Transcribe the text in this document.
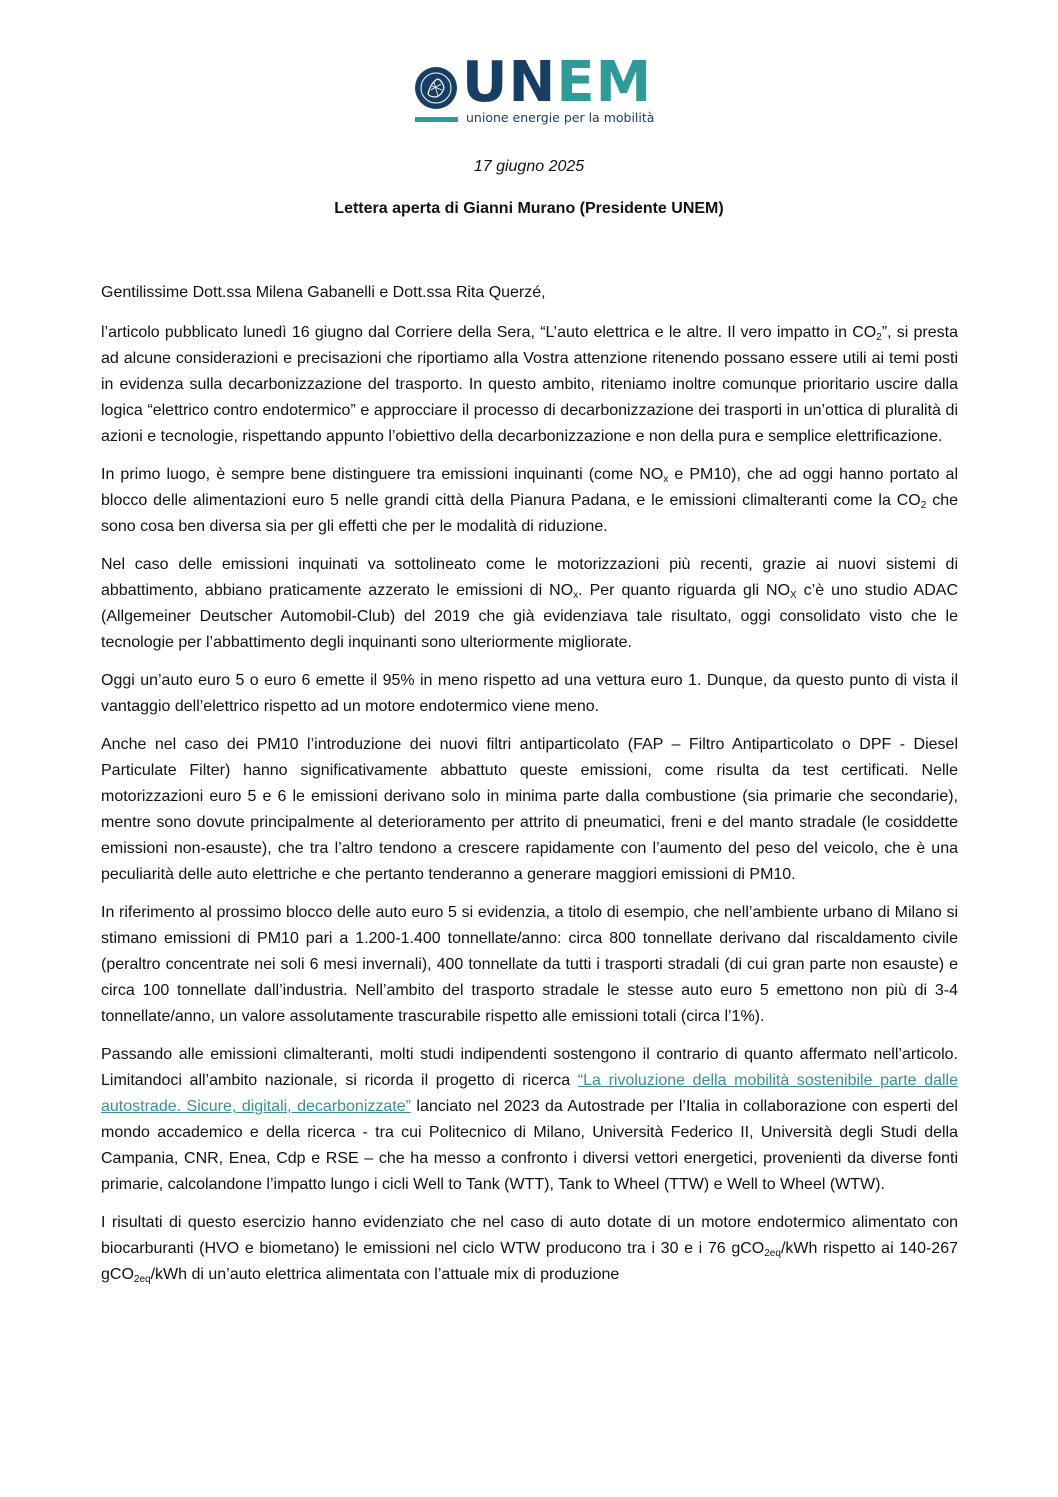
UNEM
unione energie per la mobilità
17 giugno 2025
Lettera aperta di Gianni Murano (Presidente UNEM)

Gentilissime Dott.ssa Milena Gabanelli e Dott.ssa Rita Querzé,

l’articolo pubblicato lunedì 16 giugno dal Corriere della Sera, “L’auto elettrica e le altre. Il vero impatto in $CO_2$”, si presta ad alcune considerazioni e precisazioni che riportiamo alla Vostra attenzione ritenendo possano essere utili ai temi posti in evidenza sulla decarbonizzazione del trasporto. In questo ambito, riteniamo inoltre comunque prioritario uscire dalla logica “elettrico contro endotermico” e approcciare il processo di decarbonizzazione dei trasporti in un’ottica di pluralità di azioni e tecnologie, rispettando appunto l’obiettivo della decarbonizzazione e non della pura e semplice elettrificazione.

In primo luogo, è sempre bene distinguere tra emissioni inquinanti (come $NO_x$ e PM10), che ad oggi hanno portato al blocco delle alimentazioni euro 5 nelle grandi città della Pianura Padana, e le emissioni climalteranti come la $CO_2$ che sono cosa ben diversa sia per gli effetti che per le modalità di riduzione.

Nel caso delle emissioni inquinati va sottolineato come le motorizzazioni più recenti, grazie ai nuovi sistemi di abbattimento, abbiano praticamente azzerato le emissioni di $NO_x$. Per quanto riguarda gli $NO_X$ c’è uno studio ADAC (Allgemeiner Deutscher Automobil-Club) del 2019 che già evidenziava tale risultato, oggi consolidato visto che le tecnologie per l’abbattimento degli inquinanti sono ulteriormente migliorate.

Oggi un’auto euro 5 o euro 6 emette il 95% in meno rispetto ad una vettura euro 1. Dunque, da questo punto di vista il vantaggio dell’elettrico rispetto ad un motore endotermico viene meno.

Anche nel caso dei PM10 l’introduzione dei nuovi filtri antiparticolato (FAP – Filtro Antiparticolato o DPF - Diesel Particulate Filter) hanno significativamente abbattuto queste emissioni, come risulta da test certificati. Nelle motorizzazioni euro 5 e 6 le emissioni derivano solo in minima parte dalla combustione (sia primarie che secondarie), mentre sono dovute principalmente al deterioramento per attrito di pneumatici, freni e del manto stradale (le cosiddette emissioni non-esauste), che tra l’altro tendono a crescere rapidamente con l’aumento del peso del veicolo, che è una peculiarità delle auto elettriche e che pertanto tenderanno a generare maggiori emissioni di PM10.

In riferimento al prossimo blocco delle auto euro 5 si evidenzia, a titolo di esempio, che nell’ambiente urbano di Milano si stimano emissioni di PM10 pari a 1.200-1.400 tonnellate/anno: circa 800 tonnellate derivano dal riscaldamento civile (peraltro concentrate nei soli 6 mesi invernali), 400 tonnellate da tutti i trasporti stradali (di cui gran parte non esauste) e circa 100 tonnellate dall’industria. Nell’ambito del trasporto stradale le stesse auto euro 5 emettono non più di 3-4 tonnellate/anno, un valore assolutamente trascurabile rispetto alle emissioni totali (circa l’1%).

Passando alle emissioni climalteranti, molti studi indipendenti sostengono il contrario di quanto affermato nell’articolo. Limitandoci all’ambito nazionale, si ricorda il progetto di ricerca “La rivoluzione della mobilità sostenibile parte dalle autostrade. Sicure, digitali, decarbonizzate” lanciato nel 2023 da Autostrade per l’Italia in collaborazione con esperti del mondo accademico e della ricerca - tra cui Politecnico di Milano, Università Federico II, Università degli Studi della Campania, CNR, Enea, Cdp e RSE – che ha messo a confronto i diversi vettori energetici, provenienti da diverse fonti primarie, calcolandone l’impatto lungo i cicli Well to Tank (WTT), Tank to Wheel (TTW) e Well to Wheel (WTW).

I risultati di questo esercizio hanno evidenziato che nel caso di auto dotate di un motore endotermico alimentato con biocarburanti (HVO e biometano) le emissioni nel ciclo WTW producono tra i 30 e i 76 gCO$_{2eq}$/kWh rispetto ai 140-267 gCO$_{2eq}$/kWh di un’auto elettrica alimentata con l’attuale mix di produzione
